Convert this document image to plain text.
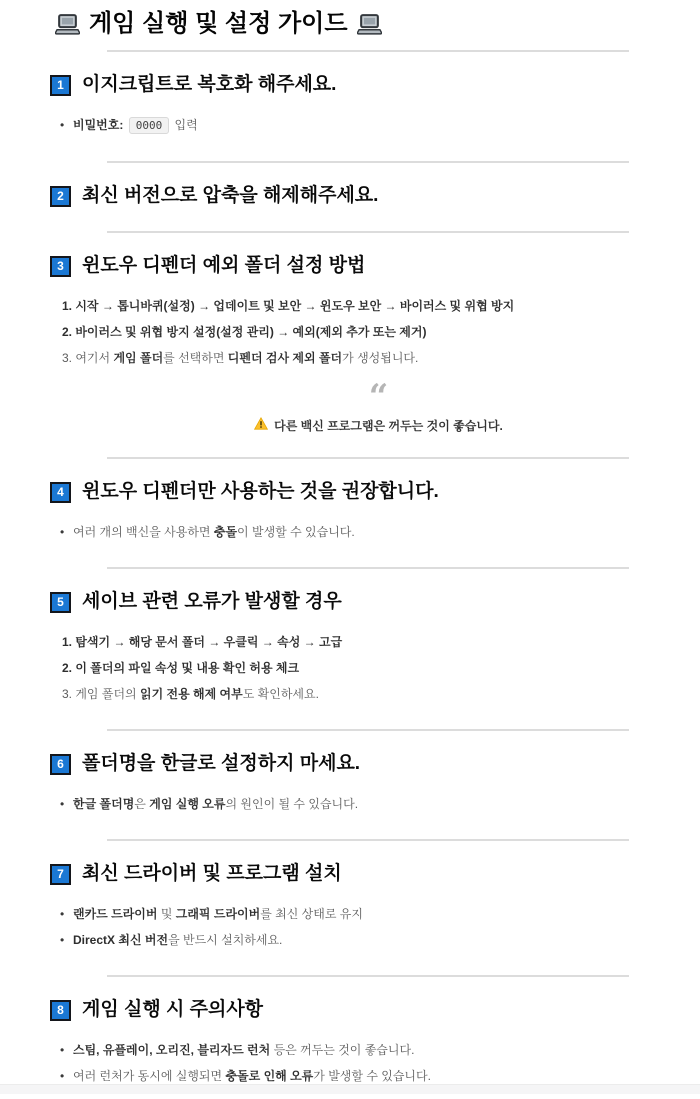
게임 실행 및 설정 가이드
1 이지크립트로 복호화 해주세요.
• 비밀번호: 0000 입력
2 최신 버전으로 압축을 해제해주세요.
3 윈도우 디펜더 예외 폴더 설정 방법
1. 시작 → 톱니바퀴(설정) → 업데이트 및 보안 → 윈도우 보안 → 바이러스 및 위협 방지
2. 바이러스 및 위협 방지 설정(설정 관리) → 예외(제외 추가 또는 제거)
3. 여기서 게임 폴더를 선택하면 디펜더 검사 제외 폴더가 생성됩니다.
“
다른 백신 프로그램은 꺼두는 것이 좋습니다.
4 윈도우 디펜더만 사용하는 것을 권장합니다.
• 여러 개의 백신을 사용하면 충돌이 발생할 수 있습니다.
5 세이브 관련 오류가 발생할 경우
1. 탐색기 → 해당 문서 폴더 → 우클릭 → 속성 → 고급
2. 이 폴더의 파일 속성 및 내용 확인 허용 체크
3. 게임 폴더의 읽기 전용 해제 여부도 확인하세요.
6 폴더명을 한글로 설정하지 마세요.
• 한글 폴더명은 게임 실행 오류의 원인이 될 수 있습니다.
7 최신 드라이버 및 프로그램 설치
• 랜카드 드라이버 및 그래픽 드라이버를 최신 상태로 유지
• DirectX 최신 버전을 반드시 설치하세요.
8 게임 실행 시 주의사항
• 스팀, 유플레이, 오리진, 블리자드 런처 등은 꺼두는 것이 좋습니다.
• 여러 런처가 동시에 실행되면 충돌로 인해 오류가 발생할 수 있습니다.
